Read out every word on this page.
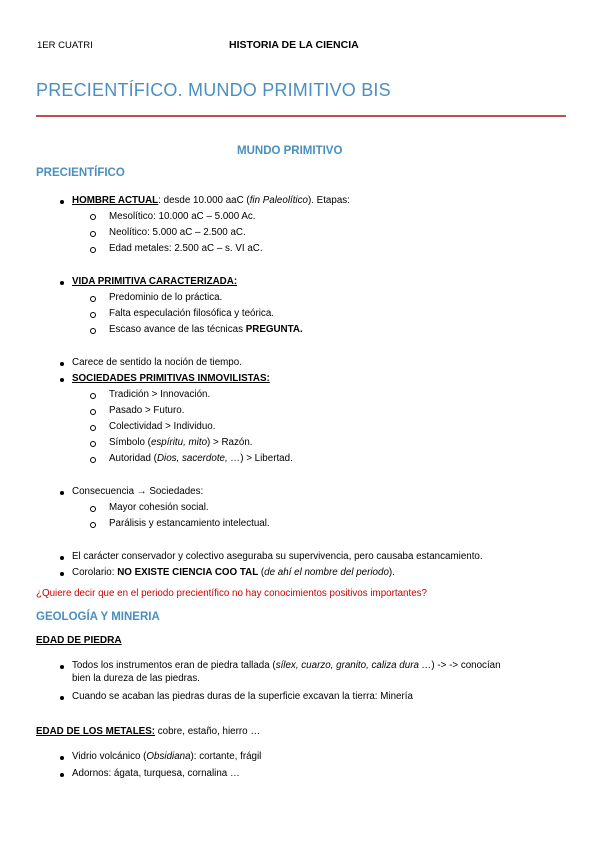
1ER CUATRI	HISTORIA DE LA CIENCIA
PRECIENTÍFICO. MUNDO PRIMITIVO BIS
MUNDO PRIMITIVO
PRECIENTÍFICO
HOMBRE ACTUAL: desde 10.000 aaC (fin Paleolítico). Etapas:
Mesolítico: 10.000 aC – 5.000 Ac.
Neolítico: 5.000 aC – 2.500 aC.
Edad metales: 2.500 aC – s. VI aC.
VIDA PRIMITIVA CARACTERIZADA:
Predominio de lo práctica.
Falta especulación filosófica y teórica.
Escaso avance de las técnicas PREGUNTA.
Carece de sentido la noción de tiempo.
SOCIEDADES PRIMITIVAS INMOVILISTAS:
Tradición > Innovación.
Pasado > Futuro.
Colectividad > Individuo.
Símbolo (espíritu, mito) > Razón.
Autoridad (Dios, sacerdote, …) > Libertad.
Consecuencia → Sociedades:
Mayor cohesión social.
Parálisis y estancamiento intelectual.
El carácter conservador y colectivo aseguraba su supervivencia, pero causaba estancamiento.
Corolario: NO EXISTE CIENCIA COO TAL (de ahí el nombre del periodo).
¿Quiere decir que en el periodo precientífico no hay conocimientos positivos importantes?
GEOLOGÍA Y MINERIA
EDAD DE PIEDRA
Todos los instrumentos eran de piedra tallada (sílex, cuarzo, granito, caliza dura …) -> -> conocían
bien la dureza de las piedras.
Cuando se acaban las piedras duras de la superficie excavan la tierra: Minería
EDAD DE LOS METALES: cobre, estaño, hierro …
Vidrio volcánico (Obsidiana): cortante, frágil
Adornos: ágata, turquesa, cornalina …
